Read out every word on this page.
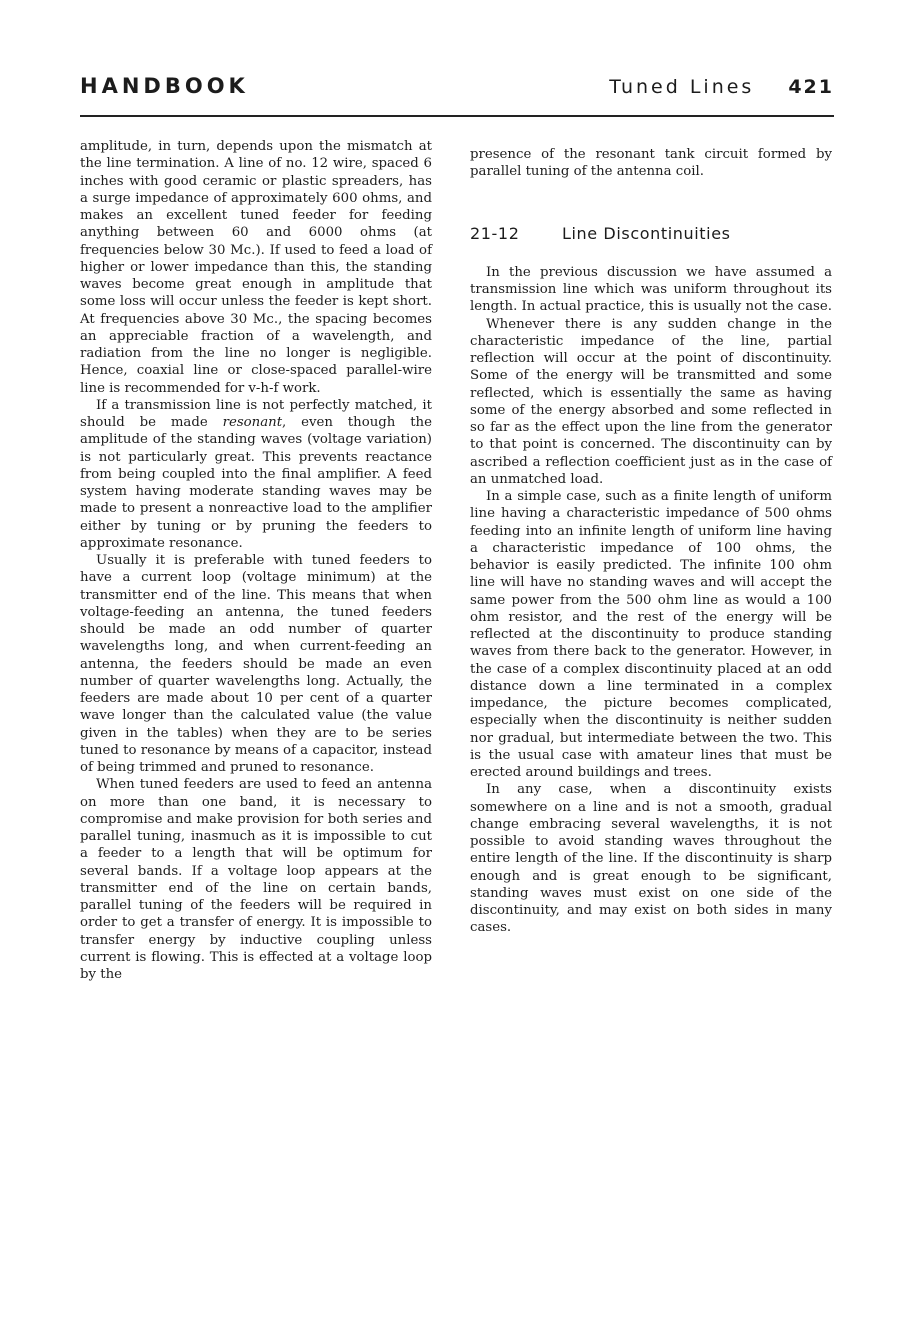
HANDBOOK	Tuned Lines 421

amplitude, in turn, depends upon the mismatch at the line termination. A line of no. 12 wire, spaced 6 inches with good ceramic or plastic spreaders, has a surge impedance of approximately 600 ohms, and makes an excellent tuned feeder for feeding anything between 60 and 6000 ohms (at frequencies below 30 Mc.). If used to feed a load of higher or lower impedance than this, the standing waves become great enough in amplitude that some loss will occur unless the feeder is kept short. At frequencies above 30 Mc., the spacing becomes an appreciable fraction of a wavelength, and radiation from the line no longer is negligible. Hence, coaxial line or close-spaced parallel-wire line is recommended for v-h-f work.

If a transmission line is not perfectly matched, it should be made resonant, even though the amplitude of the standing waves (voltage variation) is not particularly great. This prevents reactance from being coupled into the final amplifier. A feed system having moderate standing waves may be made to present a nonreactive load to the amplifier either by tuning or by pruning the feeders to approximate resonance.

Usually it is preferable with tuned feeders to have a current loop (voltage minimum) at the transmitter end of the line. This means that when voltage-feeding an antenna, the tuned feeders should be made an odd number of quarter wavelengths long, and when current-feeding an antenna, the feeders should be made an even number of quarter wavelengths long. Actually, the feeders are made about 10 per cent of a quarter wave longer than the calculated value (the value given in the tables) when they are to be series tuned to resonance by means of a capacitor, instead of being trimmed and pruned to resonance.

When tuned feeders are used to feed an antenna on more than one band, it is necessary to compromise and make provision for both series and parallel tuning, inasmuch as it is impossible to cut a feeder to a length that will be optimum for several bands. If a voltage loop appears at the transmitter end of the line on certain bands, parallel tuning of the feeders will be required in order to get a transfer of energy. It is impossible to transfer energy by inductive coupling unless current is flowing. This is effected at a voltage loop by the

presence of the resonant tank circuit formed by parallel tuning of the antenna coil.

21-12	Line Discontinuities

In the previous discussion we have assumed a transmission line which was uniform throughout its length. In actual practice, this is usually not the case.

Whenever there is any sudden change in the characteristic impedance of the line, partial reflection will occur at the point of discontinuity. Some of the energy will be transmitted and some reflected, which is essentially the same as having some of the energy absorbed and some reflected in so far as the effect upon the line from the generator to that point is concerned. The discontinuity can by ascribed a reflection coefficient just as in the case of an unmatched load.

In a simple case, such as a finite length of uniform line having a characteristic impedance of 500 ohms feeding into an infinite length of uniform line having a characteristic impedance of 100 ohms, the behavior is easily predicted. The infinite 100 ohm line will have no standing waves and will accept the same power from the 500 ohm line as would a 100 ohm resistor, and the rest of the energy will be reflected at the discontinuity to produce standing waves from there back to the generator. However, in the case of a complex discontinuity placed at an odd distance down a line terminated in a complex impedance, the picture becomes complicated, especially when the discontinuity is neither sudden nor gradual, but intermediate between the two. This is the usual case with amateur lines that must be erected around buildings and trees.

In any case, when a discontinuity exists somewhere on a line and is not a smooth, gradual change embracing several wavelengths, it is not possible to avoid standing waves throughout the entire length of the line. If the discontinuity is sharp enough and is great enough to be significant, standing waves must exist on one side of the discontinuity, and may exist on both sides in many cases.
